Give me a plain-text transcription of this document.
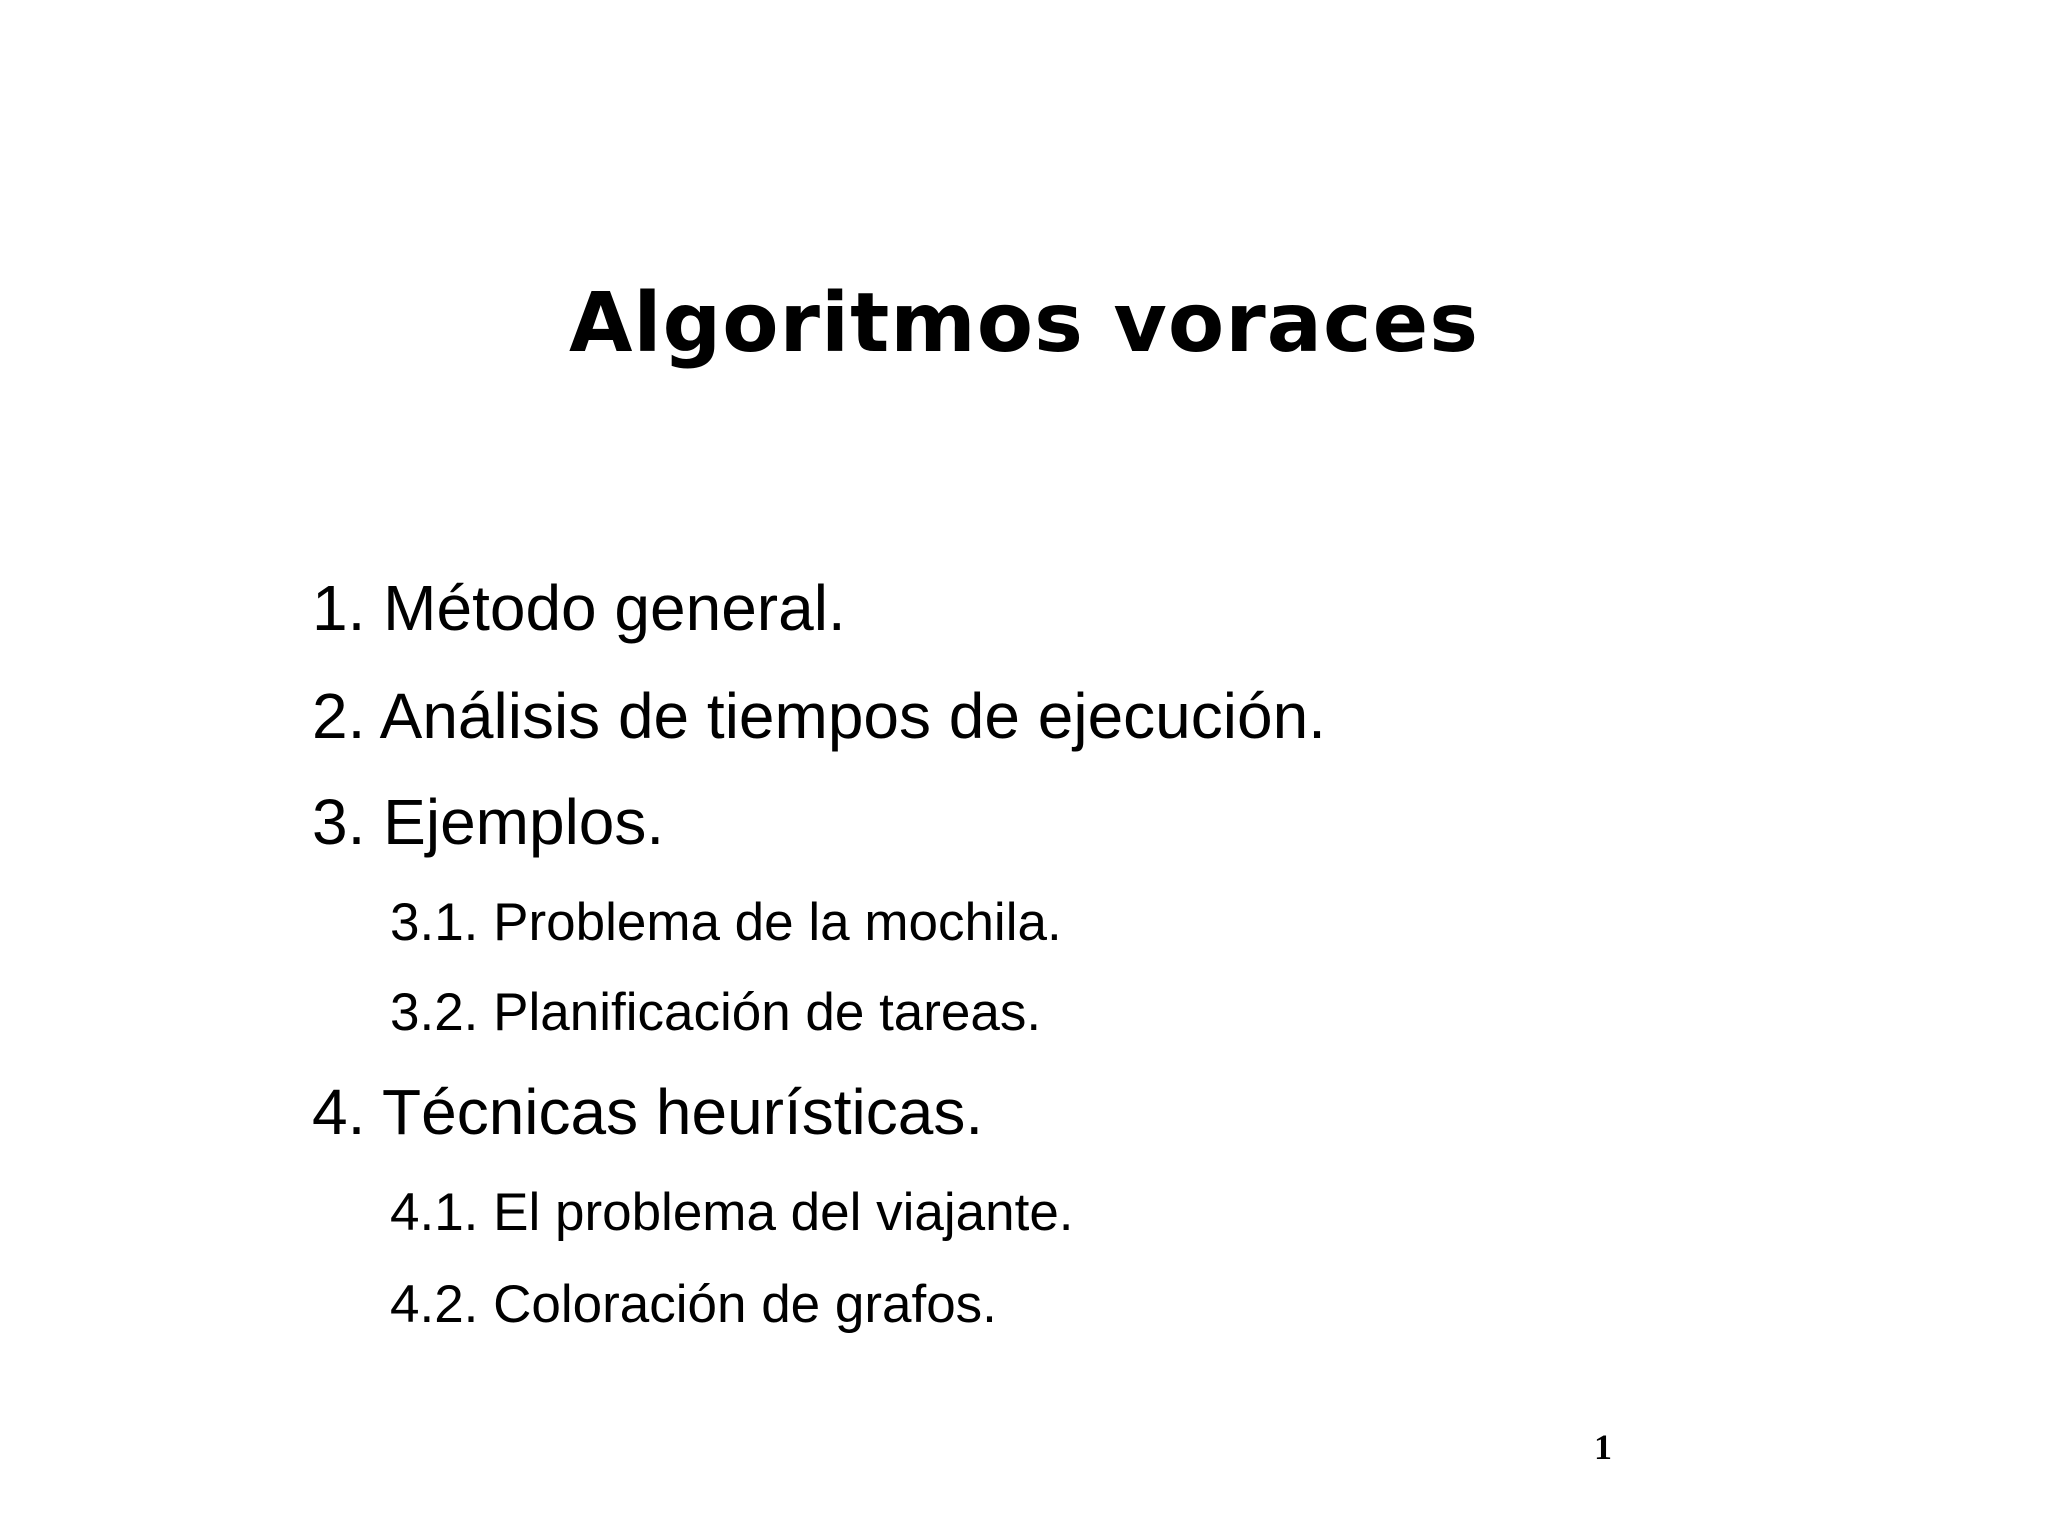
Algoritmos voraces
1. Método general.
2. Análisis de tiempos de ejecución.
3. Ejemplos.
3.1. Problema de la mochila.
3.2. Planificación de tareas.
4. Técnicas heurísticas.
4.1. El problema del viajante.
4.2. Coloración de grafos.
1
